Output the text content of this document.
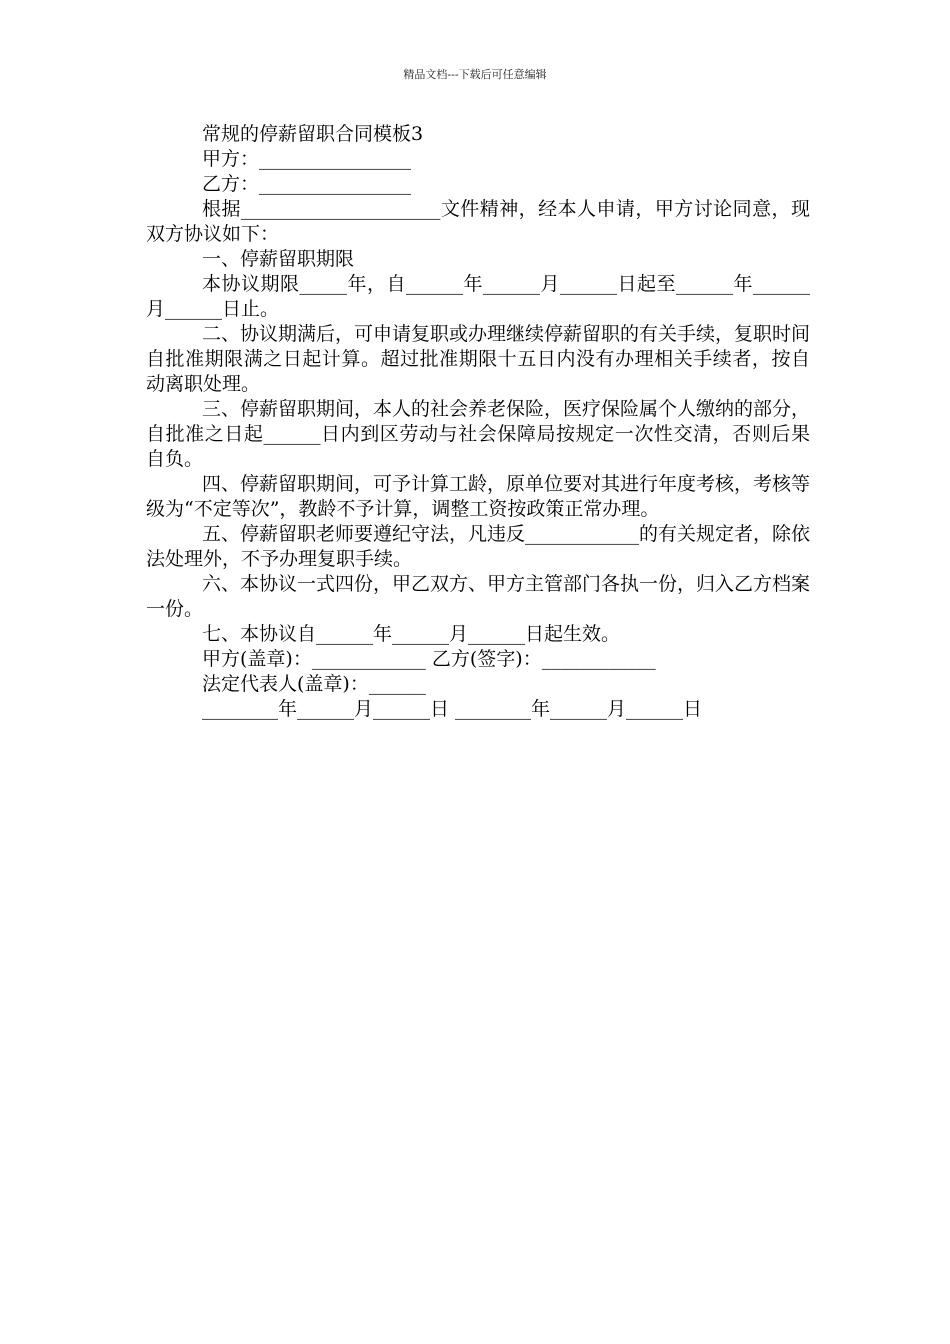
精品文档---下载后可任意编辑
常规的停薪留职合同模板3
甲方：________________
乙方：________________
根据_____________________文件精神，经本人申请，甲方讨论同意，现双方协议如下：
一、停薪留职期限
本协议期限_____年，自______年______月______日起至______年______月______日止。
二、协议期满后，可申请复职或办理继续停薪留职的有关手续，复职时间自批准期限满之日起计算。超过批准期限十五日内没有办理相关手续者，按自动离职处理。
三、停薪留职期间，本人的社会养老保险，医疗保险属个人缴纳的部分，自批准之日起______日内到区劳动与社会保障局按规定一次性交清，否则后果自负。
四、停薪留职期间，可予计算工龄，原单位要对其进行年度考核，考核等级为“不定等次”，教龄不予计算，调整工资按政策正常办理。
五、停薪留职老师要遵纪守法，凡违反____________的有关规定者，除依法处理外，不予办理复职手续。
六、本协议一式四份，甲乙双方、甲方主管部门各执一份，归入乙方档案一份。
七、本协议自______年______月______日起生效。
甲方(盖章)：____________ 乙方(签字)：____________
法定代表人(盖章)：______
________年______月______日 ________年______月______日
